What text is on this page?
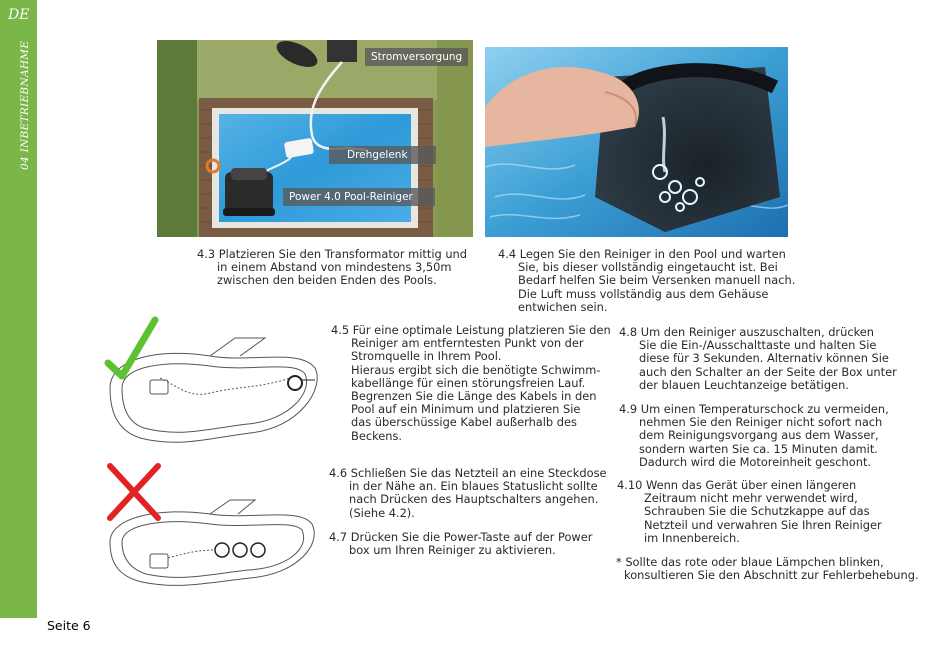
DE
04 INBETRIEBNAHME	Stromversorgung
Drehgelenk
Power 4.0 Pool-Reiniger
4.3 Platzieren Sie den Transformator mittig und
in einem Abstand von mindestens 3,50m
zwischen den beiden Enden des Pools.
4.4 Legen Sie den Reiniger in den Pool und warten
Sie, bis dieser vollständig eingetaucht ist. Bei
Bedarf helfen Sie beim Versenken manuell nach.
Die Luft muss vollständig aus dem Gehäuse
entwichen sein.
4.5 Für eine optimale Leistung platzieren Sie den
Reiniger am entferntesten Punkt von der
Stromquelle in Ihrem Pool.
Hieraus ergibt sich die benötigte Schwimm-
kabellänge für einen störungsfreien Lauf.
Begrenzen Sie die Länge des Kabels in den
Pool auf ein Minimum und platzieren Sie
das überschüssige Kabel außerhalb des
Beckens.
4.6 Schließen Sie das Netzteil an eine Steckdose
in der Nähe an. Ein blaues Statuslicht sollte
nach Drücken des Hauptschalters angehen.
(Siehe 4.2).
4.7 Drücken Sie die Power-Taste auf der Power
box um Ihren Reiniger zu aktivieren.
4.8 Um den Reiniger auszuschalten, drücken
Sie die Ein-/Ausschalttaste und halten Sie
diese für 3 Sekunden. Alternativ können Sie
auch den Schalter an der Seite der Box unter
der blauen Leuchtanzeige betätigen.
4.9 Um einen Temperaturschock zu vermeiden,
nehmen Sie den Reiniger nicht sofort nach
dem Reinigungsvorgang aus dem Wasser,
sondern warten Sie ca. 15 Minuten damit.
Dadurch wird die Motoreinheit geschont.
4.10 Wenn das Gerät über einen längeren
Zeitraum nicht mehr verwendet wird,
Schrauben Sie die Schutzkappe auf das
Netzteil und verwahren Sie Ihren Reiniger
im Innenbereich.
* Sollte das rote oder blaue Lämpchen blinken,
konsultieren Sie den Abschnitt zur Fehlerbehebung.
Seite 6
